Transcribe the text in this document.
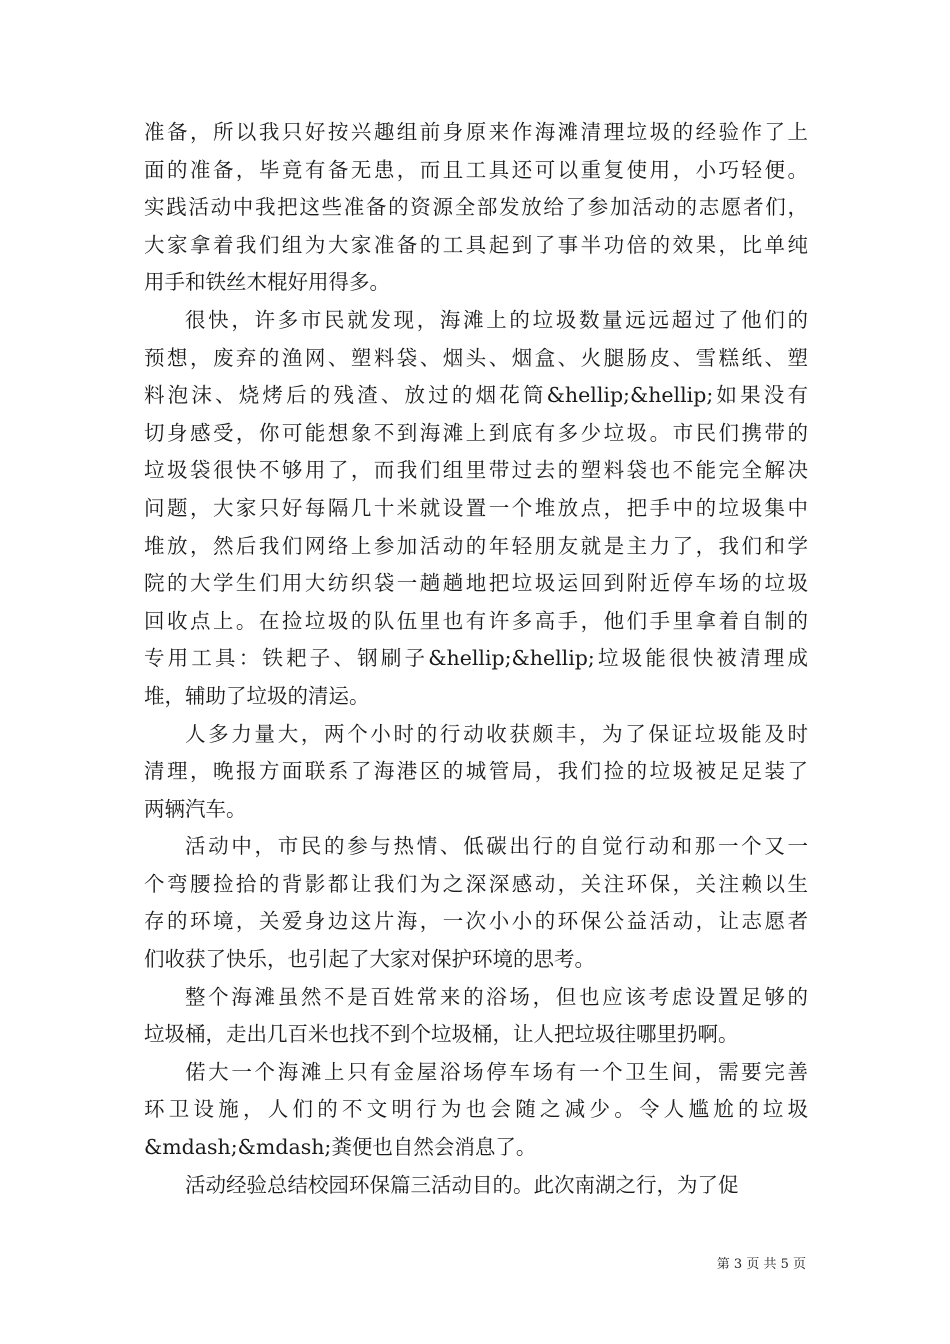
准备，所以我只好按兴趣组前身原来作海滩清理垃圾的经验作了上
面的准备，毕竟有备无患，而且工具还可以重复使用，小巧轻便。
实践活动中我把这些准备的资源全部发放给了参加活动的志愿者们，
大家拿着我们组为大家准备的工具起到了事半功倍的效果，比单纯
用手和铁丝木棍好用得多。
很快，许多市民就发现，海滩上的垃圾数量远远超过了他们的
预想，废弃的渔网、塑料袋、烟头、烟盒、火腿肠皮、雪糕纸、塑
料泡沫、烧烤后的残渣、放过的烟花筒&hellip;&hellip;如果没有
切身感受，你可能想象不到海滩上到底有多少垃圾。市民们携带的
垃圾袋很快不够用了，而我们组里带过去的塑料袋也不能完全解决
问题，大家只好每隔几十米就设置一个堆放点，把手中的垃圾集中
堆放，然后我们网络上参加活动的年轻朋友就是主力了，我们和学
院的大学生们用大纺织袋一趟趟地把垃圾运回到附近停车场的垃圾
回收点上。在捡垃圾的队伍里也有许多高手，他们手里拿着自制的
专用工具：铁耙子、钢刷子&hellip;&hellip;垃圾能很快被清理成
堆，辅助了垃圾的清运。
人多力量大，两个小时的行动收获颇丰，为了保证垃圾能及时
清理，晚报方面联系了海港区的城管局，我们捡的垃圾被足足装了
两辆汽车。
活动中，市民的参与热情、低碳出行的自觉行动和那一个又一
个弯腰捡拾的背影都让我们为之深深感动，关注环保，关注赖以生
存的环境，关爱身边这片海，一次小小的环保公益活动，让志愿者
们收获了快乐，也引起了大家对保护环境的思考。
整个海滩虽然不是百姓常来的浴场，但也应该考虑设置足够的
垃圾桶，走出几百米也找不到个垃圾桶，让人把垃圾往哪里扔啊。
偌大一个海滩上只有金屋浴场停车场有一个卫生间，需要完善
环卫设施，人们的不文明行为也会随之减少。令人尴尬的垃圾
&mdash;&mdash;粪便也自然会消息了。
活动经验总结校园环保篇三活动目的。此次南湖之行，为了促
第 3 页 共 5 页
